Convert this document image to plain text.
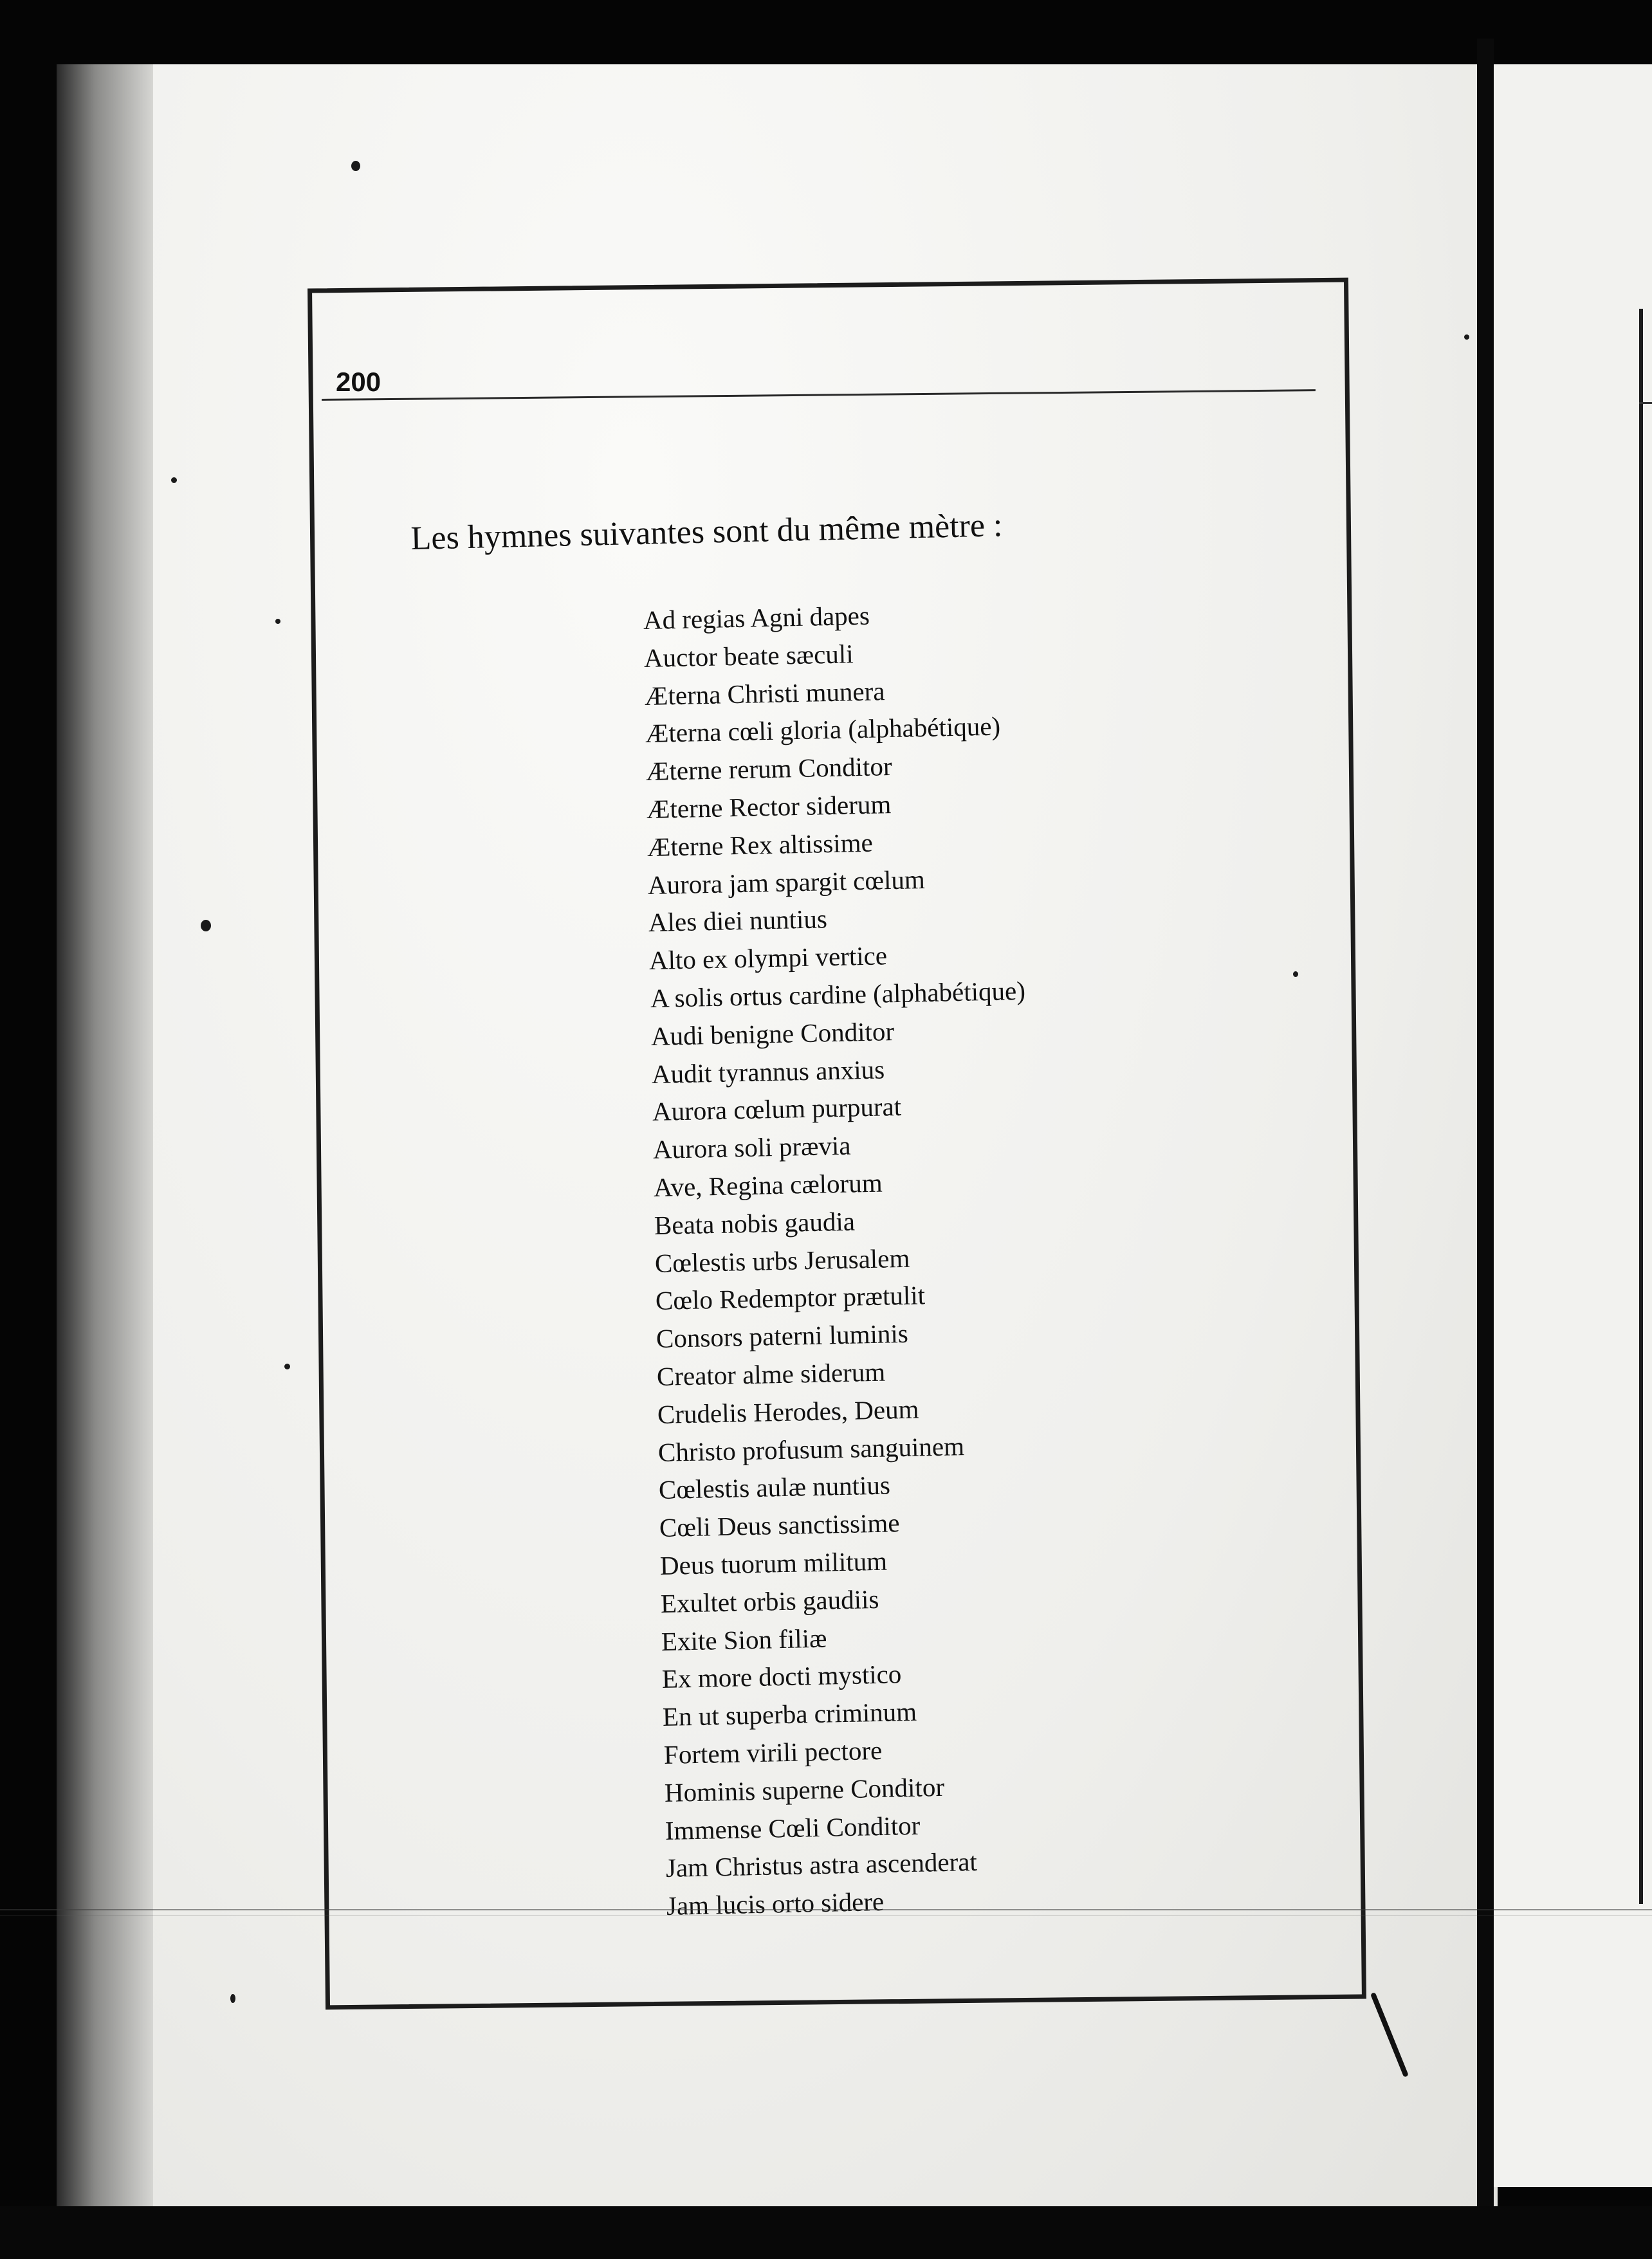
200
Les hymnes suivantes sont du même mètre :
Ad regias Agni dapes
Auctor beate sæculi
Æterna Christi munera
Æterna cœli gloria (alphabétique)
Æterne rerum Conditor
Æterne Rector siderum
Æterne Rex altissime
Aurora jam spargit cœlum
Ales diei nuntius
Alto ex olympi vertice
A solis ortus cardine (alphabétique)
Audi benigne Conditor
Audit tyrannus anxius
Aurora cœlum purpurat
Aurora soli prævia
Ave, Regina cælorum
Beata nobis gaudia
Cœlestis urbs Jerusalem
Cœlo Redemptor prætulit
Consors paterni luminis
Creator alme siderum
Crudelis Herodes, Deum
Christo profusum sanguinem
Cœlestis aulæ nuntius
Cœli Deus sanctissime
Deus tuorum militum
Exultet orbis gaudiis
Exite Sion filiæ
Ex more docti mystico
En ut superba criminum
Fortem virili pectore
Hominis superne Conditor
Immense Cœli Conditor
Jam Christus astra ascenderat
Jam lucis orto sidere
